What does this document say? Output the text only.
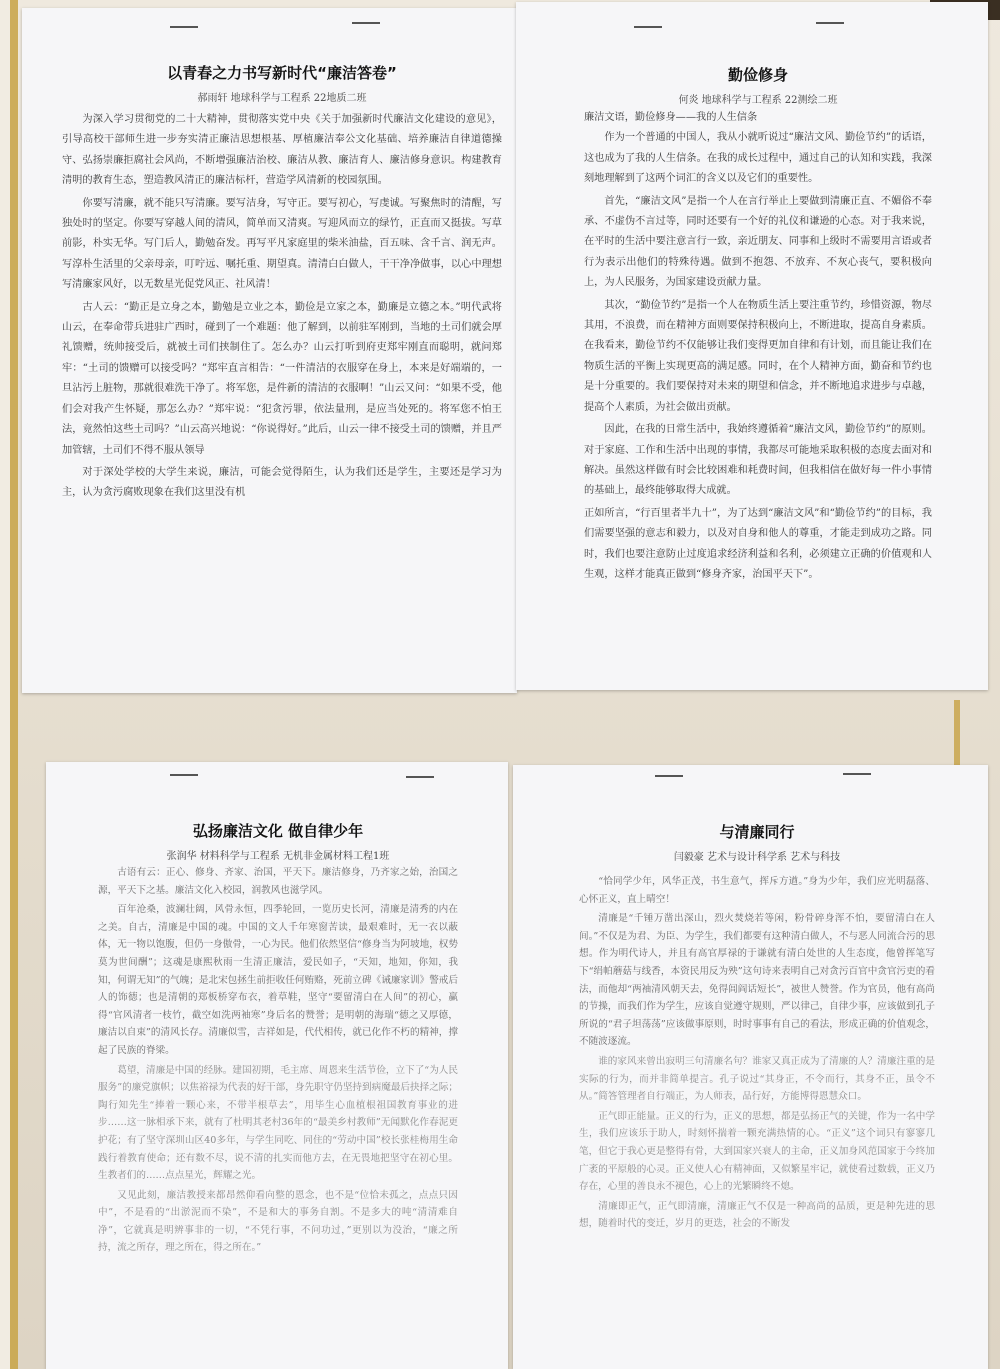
以青春之力书写新时代“廉洁答卷”
郝雨轩 地球科学与工程系 22地质二班

为深入学习贯彻党的二十大精神，贯彻落实党中央《关于加强新时代廉洁文化建设的意见》，引导高校干部师生进一步夯实清正廉洁思想根基、厚植廉洁奉公文化基础、培养廉洁自律道德操守、弘扬崇廉拒腐社会风尚，不断增强廉洁治校、廉洁从教、廉洁育人、廉洁修身意识。构建教育清明的教育生态，塑造教风清正的廉洁标杆，营造学风清新的校园氛围。

你要写清廉，就不能只写清廉。要写洁身，写守正。要写初心，写虔诚。写聚焦时的清醒，写独处时的坚定。你要写穿越人间的清风，简单而又清爽。写迎风而立的绿竹，正直而又挺拔。写草前影，朴实无华。写门后人，勤勉奋发。再写平凡家庭里的柴米油盐，百五味、含千言、润无声。写淳朴生活里的父亲母亲，叮咛远、嘱托重、期望真。清清白白做人，干干净净做事，以心中理想写清廉家风好，以无数星光促党风正、社风清！

古人云：“勤正是立身之本，勤勉是立业之本，勤俭是立家之本，勤廉是立德之本。”明代武将山云，在奉命带兵进驻广西时，碰到了一个难题：他了解到，以前驻军刚到，当地的土司们就会厚礼馈赠，统帅接受后，就被土司们挟制住了。怎么办？山云打听到府吏郑牢刚直而聪明，就问郑牢：“土司的馈赠可以接受吗？”郑牢直言相告：“一件清洁的衣服穿在身上，本来是好端端的，一旦沾污上脏物，那就很难洗干净了。将军您，是件新的清洁的衣服啊！”山云又问：“如果不受，他们会对我产生怀疑，那怎么办？”郑牢说：“犯贪污罪，依法量刑，是应当处死的。将军您不怕王法，竟然怕这些土司吗？”山云高兴地说：“你说得好。”此后，山云一律不接受土司的馈赠，并且严加管辖，土司们不得不服从领导

对于深处学校的大学生来说，廉洁，可能会觉得陌生，认为我们还是学生，主要还是学习为主，认为贪污腐败现象在我们这里没有机

勤俭修身
何炎 地球科学与工程系 22测绘二班
廉洁文语，勤俭修身——我的人生信条

作为一个普通的中国人，我从小就听说过“廉洁文风、勤俭节约”的话语，这也成为了我的人生信条。在我的成长过程中，通过自己的认知和实践，我深刻地理解到了这两个词汇的含义以及它们的重要性。

首先，“廉洁文风”是指一个人在言行举止上要做到清廉正直、不媚俗不奉承、不虚伪不言过等，同时还要有一个好的礼仪和谦逊的心态。对于我来说，在平时的生活中要注意言行一致，亲近朋友、同事和上级时不需要用言语或者行为表示出他们的特殊待遇。做到不抱怨、不放弃、不灰心丧气，要积极向上，为人民服务，为国家建设贡献力量。

其次，“勤俭节约”是指一个人在物质生活上要注重节约，珍惜资源，物尽其用，不浪费，而在精神方面则要保持积极向上，不断进取，提高自身素质。在我看来，勤俭节约不仅能够让我们变得更加自律和有计划，而且能让我们在物质生活的平衡上实现更高的满足感。同时，在个人精神方面，勤奋和节约也是十分重要的。我们要保持对未来的期望和信念，并不断地追求进步与卓越，提高个人素质，为社会做出贡献。

因此，在我的日常生活中，我始终遵循着“廉洁文风，勤俭节约”的原则。对于家庭、工作和生活中出现的事情，我都尽可能地采取积极的态度去面对和解决。虽然这样做有时会比较困难和耗费时间，但我相信在做好每一件小事情的基础上，最终能够取得大成就。

正如所言，“行百里者半九十”，为了达到“廉洁文风”和“勤俭节约”的目标，我们需要坚强的意志和毅力，以及对自身和他人的尊重，才能走到成功之路。同时，我们也要注意防止过度追求经济利益和名利，必须建立正确的价值观和人生观，这样才能真正做到“修身齐家，治国平天下”。

弘扬廉洁文化 做自律少年
张润华 材料科学与工程系 无机非金属材料工程1班

古语有云：正心、修身、齐家、治国，平天下。廉洁修身，乃齐家之始，治国之源，平天下之基。廉洁文化入校园，润教风也滋学风。

百年沧桑，波澜壮阔，风骨永恒，四季轮回，一览历史长河，清廉是清秀的内在之美。自古，清廉是中国的魂。中国的文人千年寒窗苦读，最艰难时，无一衣以蔽体，无一物以饱腹，但仍一身傲骨，一心为民。他们依然坚信“修身当为阿坡地，权势莫为世间酬”；这魂是康熙秋雨一生清正廉洁，爱民如子，“天知，地知，你知，我知，何谓无知”的气魄；是北宋包拯生前拒收任何贿赂，死前立碑《诫廉家训》警戒后人的饰德；也是清朝的郑板桥穿布衣，着草鞋，坚守“要留清白在人间”的初心，赢得“官风清者一枝竹，截空如洗两袖寒”身后名的赞誉；是明朝的海瑞“德之又厚德，廉洁以自束”的清风长存。清廉似雪，吉祥如是，代代相传，就已化作不朽的精神，撑起了民族的脊梁。

葛望，清廉是中国的经脉。建国初期，毛主席、周恩来生活节俭，立下了“为人民服务”的廉党旗帜；以焦裕禄为代表的好干部，身先职守仍坚持到病魔最后抉择之际；陶行知先生“捧着一颗心来，不带半根草去”，用毕生心血植根祖国教育事业的进步……这一脉相承下来，就有了杜明其老村36年的“最美乡村教师”无闻默化作春泥更护花；有了坚守深圳山区40多年，与学生同吃、同住的“劳动中国”校长张桂梅用生命践行着教育使命；还有数不尽，说不清的扎实而他方去，在无畏地把坚守在初心里。生教者们的……点点星光，辉耀之光。

又见此刻，廉洁教授来都昂然仰看向整的恩念，也不是“位恰未孤之，点点只因中”，不是看的“出淤泥而不染”，不是和大的事务自割。不是多大的吨“清清难自净”，它就真是明辨事非的一切，“不凭行事，不问功过，”更别以为没治，“廉之所持，流之所存，理之所在，得之所在。”

与清廉同行
闫毅豪 艺术与设计科学系 艺术与科技

“恰同学少年，风华正茂，书生意气，挥斥方遒。”身为少年，我们应光明磊落、心怀正义，直上晴空！

清廉是“千锤万凿出深山，烈火焚烧若等闲，粉骨碎身浑不怕，要留清白在人间。”不仅是为君、为臣、为学生，我们都要有这种清白做人，不与恶人同流合污的思想。作为明代诗人，并且有高官厚禄的于谦就有清白处世的人生态度，他曾挥笔写下“绢帕蘑菇与线香，本资民用反为殃”这句诗来表明自己对贪污百官中贪官污吏的看法，而他却“两袖清风朝天去，免得闾阎话短长”，被世人赞誉。作为官员，他有高尚的节操，而我们作为学生，应该自觉遵守规则，严以律己，自律少事，应该做到孔子所说的“君子坦荡荡”应该做事原则，时时事事有自己的看法，形成正确的价值观念，不随波逐流。

谁的家风来曾出寂明三句清廉名句？谁家又真正成为了清廉的人？清廉注重的是实际的行为，而并非简单提言。孔子说过“其身正，不令而行，其身不正，虽令不从。”简答管理者自行端正，为人师表，品行好，方能博得恩慧众口。

正气即正能量。正义的行为，正义的思想，都是弘扬正气的关键，作为一名中学生，我们应该乐于助人，时刻怀揣着一颗充满热情的心。“正义”这个词只有寥寥几笔，但它于我心更是整得有骨，大到国家兴衰人的主命，正义加身风范国家于今终加广袤的平原般的心灵。正义使人心有精神面，又似繁星牢记，就使看过数载，正义乃存在，心里的善良永不褪色，心上的光繁瞬终不熄。

清廉即正气，正气即清廉，清廉正气不仅是一种高尚的品质，更是种先进的思想，随着时代的变迁，岁月的更迭，社会的不断发
